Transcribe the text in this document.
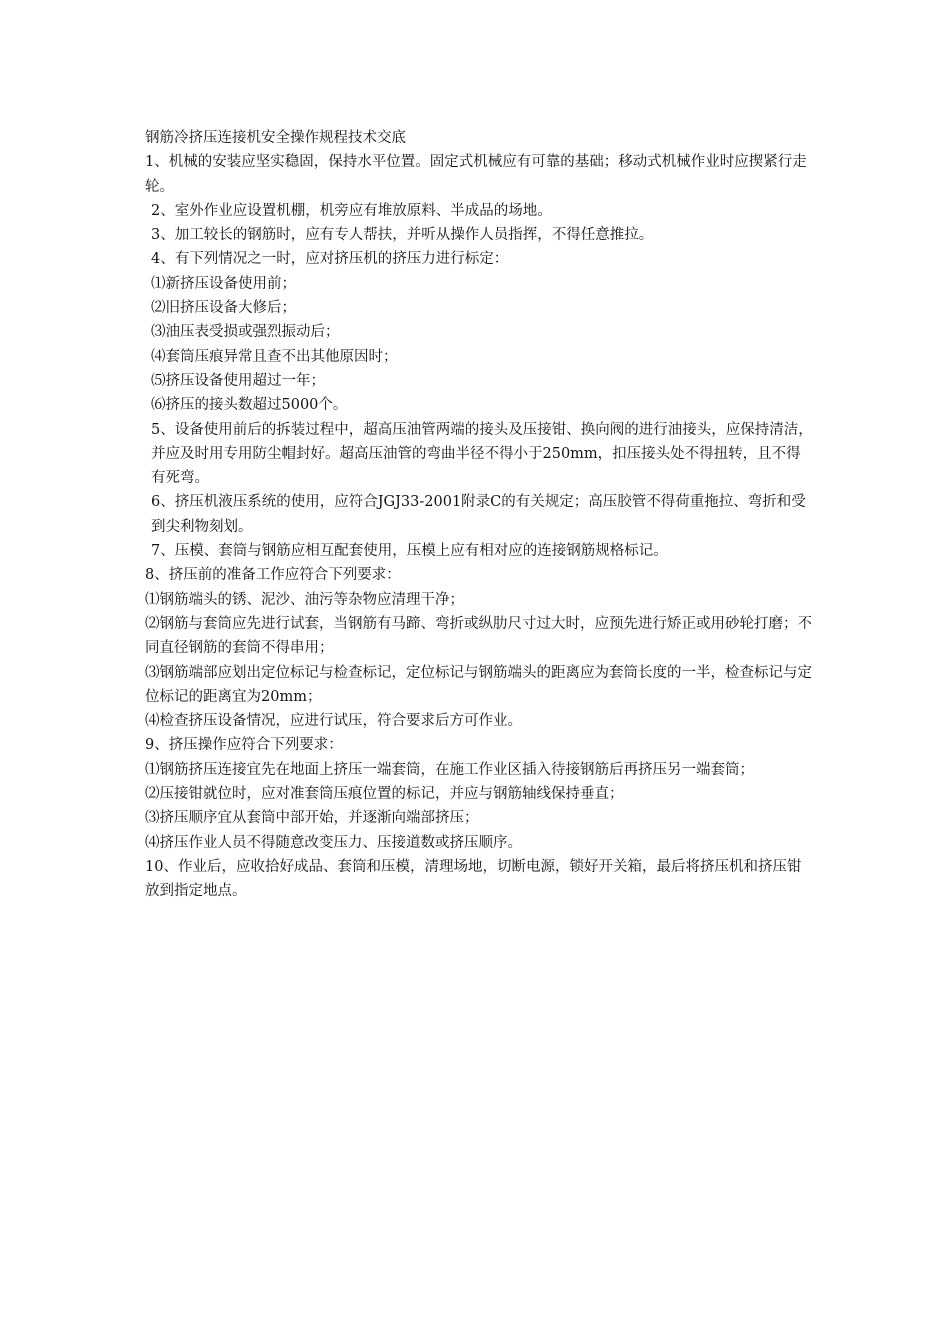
钢筋冷挤压连接机安全操作规程技术交底

1、机械的安装应坚实稳固，保持水平位置。固定式机械应有可靠的基础；移动式机械作业时应揳紧行走轮。

2、室外作业应设置机棚，机旁应有堆放原料、半成品的场地。

3、加工较长的钢筋时，应有专人帮扶，并听从操作人员指挥，不得任意推拉。

4、有下列情况之一时，应对挤压机的挤压力进行标定：

⑴新挤压设备使用前；

⑵旧挤压设备大修后；

⑶油压表受损或强烈振动后；

⑷套筒压痕异常且查不出其他原因时；

⑸挤压设备使用超过一年；

⑹挤压的接头数超过5000个。

5、设备使用前后的拆装过程中，超高压油管两端的接头及压接钳、换向阀的进行油接头，应保持清洁，并应及时用专用防尘帽封好。超高压油管的弯曲半径不得小于250mm，扣压接头处不得扭转，且不得有死弯。

6、挤压机液压系统的使用，应符合JGJ33-2001附录C的有关规定；高压胶管不得荷重拖拉、弯折和受到尖利物刻划。

7、压模、套筒与钢筋应相互配套使用，压模上应有相对应的连接钢筋规格标记。

8、挤压前的准备工作应符合下列要求：

⑴钢筋端头的锈、泥沙、油污等杂物应清理干净；

⑵钢筋与套筒应先进行试套，当钢筋有马蹄、弯折或纵肋尺寸过大时，应预先进行矫正或用砂轮打磨；不同直径钢筋的套筒不得串用；

⑶钢筋端部应划出定位标记与检查标记，定位标记与钢筋端头的距离应为套筒长度的一半，检查标记与定位标记的距离宜为20mm；

⑷检查挤压设备情况，应进行试压，符合要求后方可作业。

9、挤压操作应符合下列要求：

⑴钢筋挤压连接宜先在地面上挤压一端套筒，在施工作业区插入待接钢筋后再挤压另一端套筒；

⑵压接钳就位时，应对准套筒压痕位置的标记，并应与钢筋轴线保持垂直；

⑶挤压顺序宜从套筒中部开始，并逐渐向端部挤压；

⑷挤压作业人员不得随意改变压力、压接道数或挤压顺序。

10、作业后，应收拾好成品、套筒和压模，清理场地，切断电源，锁好开关箱，最后将挤压机和挤压钳放到指定地点。
